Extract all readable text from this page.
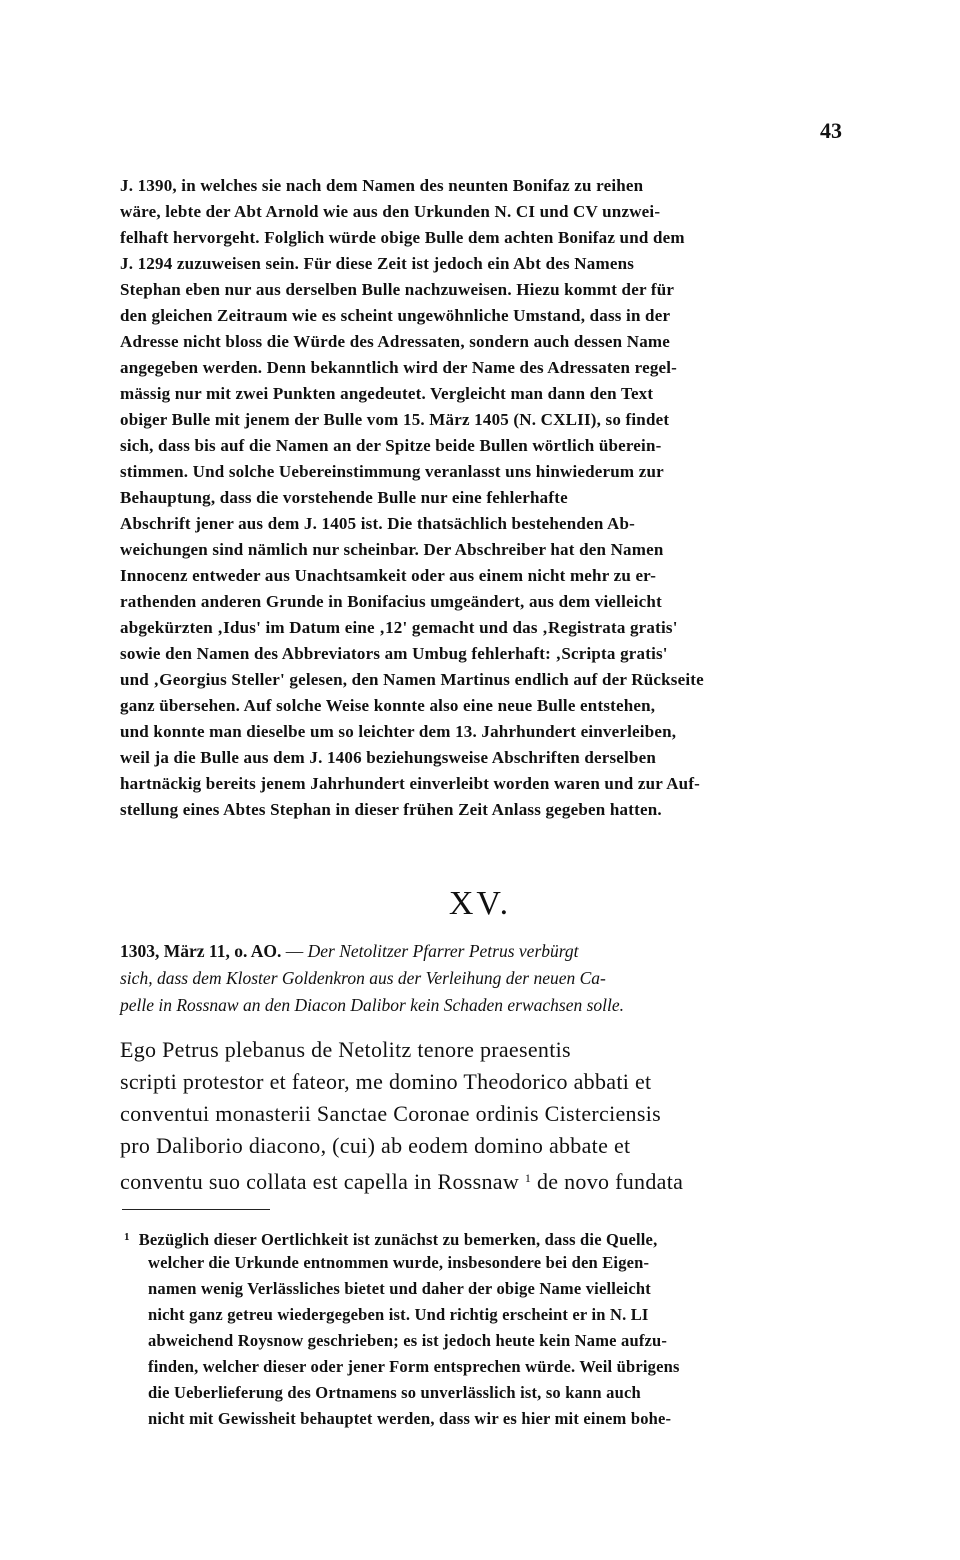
43
J. 1390, in welches sie nach dem Namen des neunten Bonifaz zu reihen
wäre, lebte der Abt Arnold wie aus den Urkunden N. CI und CV unzwei-
felhaft hervorgeht. Folglich würde obige Bulle dem achten Bonifaz und dem
J. 1294 zuzuweisen sein. Für diese Zeit ist jedoch ein Abt des Namens
Stephan eben nur aus derselben Bulle nachzuweisen. Hiezu kommt der für
den gleichen Zeitraum wie es scheint ungewöhnliche Umstand, dass in der
Adresse nicht bloss die Würde des Adressaten, sondern auch dessen Name
angegeben werden. Denn bekanntlich wird der Name des Adressaten regel-
mässig nur mit zwei Punkten angedeutet. Vergleicht man dann den Text
obiger Bulle mit jenem der Bulle vom 15. März 1405 (N. CXLII), so findet
sich, dass bis auf die Namen an der Spitze beide Bullen wörtlich überein-
stimmen. Und solche Uebereinstimmung veranlasst uns hinwiederum zur
Behauptung, dass die vorstehende Bulle nur eine fehlerhafte
Abschrift jener aus dem J. 1405 ist. Die thatsächlich bestehenden Ab-
weichungen sind nämlich nur scheinbar. Der Abschreiber hat den Namen
Innocenz entweder aus Unachtsamkeit oder aus einem nicht mehr zu er-
rathenden anderen Grunde in Bonifacius umgeändert, aus dem vielleicht
abgekürzten ‚Idus' im Datum eine ‚12' gemacht und das ‚Registrata gratis'
sowie den Namen des Abbreviators am Umbug fehlerhaft: ‚Scripta gratis'
und ‚Georgius Steller' gelesen, den Namen Martinus endlich auf der Rückseite
ganz übersehen. Auf solche Weise konnte also eine neue Bulle entstehen,
und konnte man dieselbe um so leichter dem 13. Jahrhundert einverleiben,
weil ja die Bulle aus dem J. 1406 beziehungsweise Abschriften derselben
hartnäckig bereits jenem Jahrhundert einverleibt worden waren und zur Auf-
stellung eines Abtes Stephan in dieser frühen Zeit Anlass gegeben hatten.
XV.
1303, März 11, o. AO. — Der Netolitzer Pfarrer Petrus verbürgt
sich, dass dem Kloster Goldenkron aus der Verleihung der neuen Ca-
pelle in Rossnaw an den Diacon Dalibor kein Schaden erwachsen solle.
Ego Petrus plebanus de Netolitz tenore praesentis
scripti protestor et fateor, me domino Theodorico abbati et
conventui monasterii Sanctae Coronae ordinis Cisterciensis
pro Daliborio diacono, (cui) ab eodem domino abbate et
conventu suo collata est capella in Rossnaw $^1$ de novo fundata
$^1$ Bezüglich dieser Oertlichkeit ist zunächst zu bemerken, dass die Quelle,
welcher die Urkunde entnommen wurde, insbesondere bei den Eigen-
namen wenig Verlässliches bietet und daher der obige Name vielleicht
nicht ganz getreu wiedergegeben ist. Und richtig erscheint er in N. LI
abweichend Roysnow geschrieben; es ist jedoch heute kein Name aufzu-
finden, welcher dieser oder jener Form entsprechen würde. Weil übrigens
die Ueberlieferung des Ortnamens so unverlässlich ist, so kann auch
nicht mit Gewissheit behauptet werden, dass wir es hier mit einem bohe-
